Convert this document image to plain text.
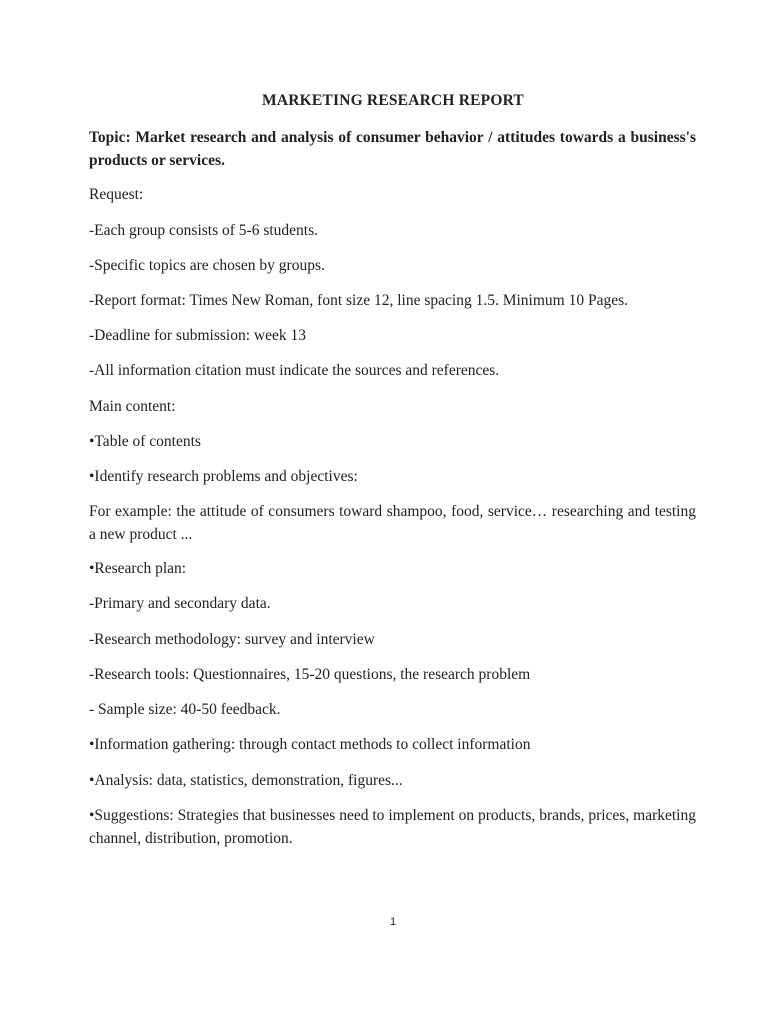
MARKETING RESEARCH REPORT
Topic: Market research and analysis of consumer behavior / attitudes towards a business's products or services.
Request:
-Each group consists of 5-6 students.
-Specific topics are chosen by groups.
-Report format: Times New Roman, font size 12, line spacing 1.5. Minimum 10 Pages.
-Deadline for submission: week 13
-All information citation must indicate the sources and references.
Main content:
•Table of contents
•Identify research problems and objectives:
For example: the attitude of consumers toward shampoo, food, service… researching and testing a new product ...
•Research plan:
-Primary and secondary data.
-Research methodology: survey and interview
-Research tools: Questionnaires, 15-20 questions, the research problem
- Sample size: 40-50 feedback.
•Information gathering: through contact methods to collect information
•Analysis: data, statistics, demonstration, figures...
•Suggestions: Strategies that businesses need to implement on products, brands, prices, marketing channel, distribution, promotion.
1
